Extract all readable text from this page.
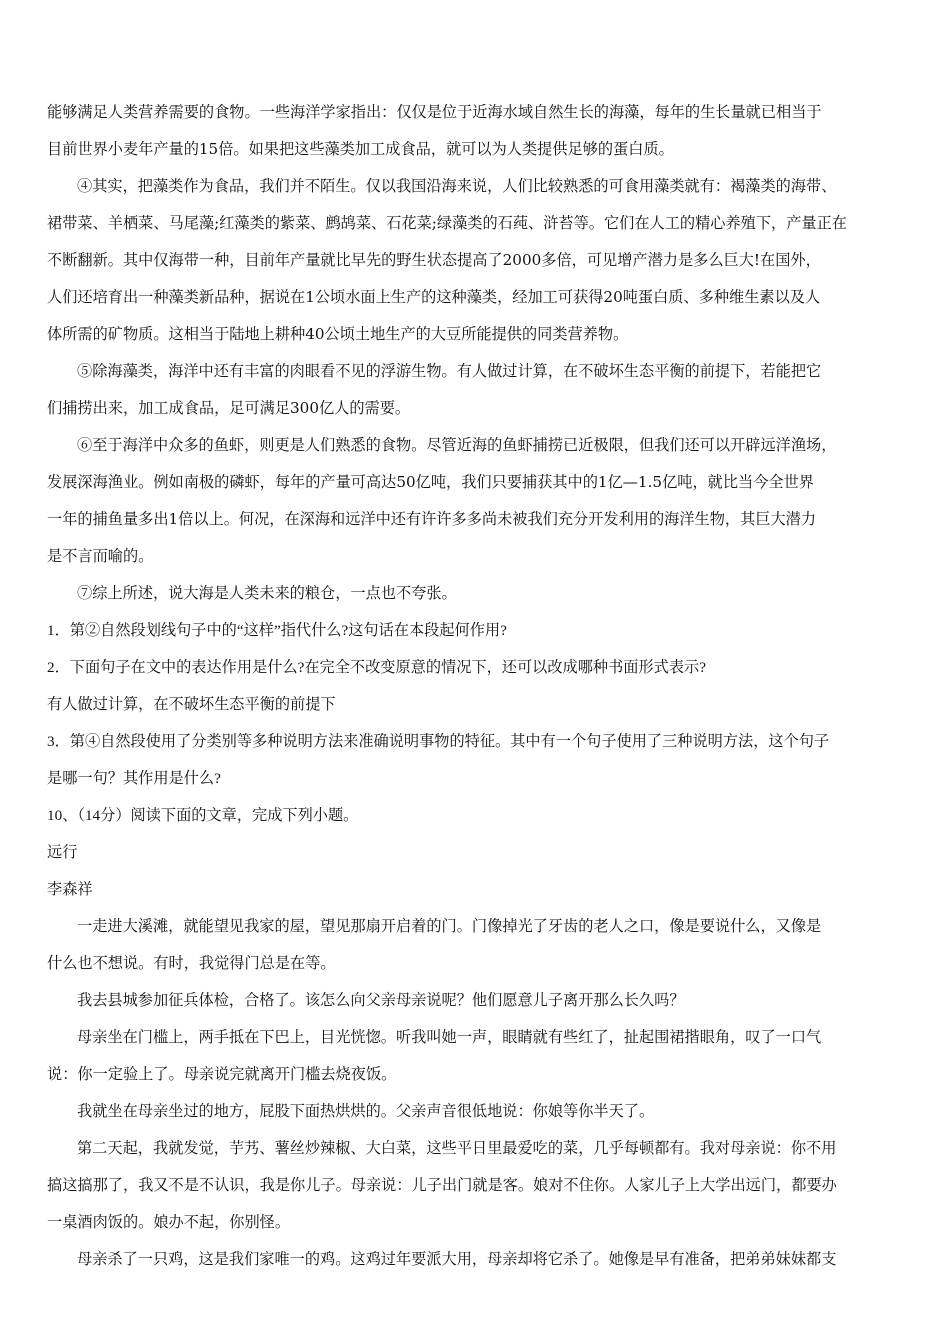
能够满足人类营养需要的食物。一些海洋学家指出：仅仅是位于近海水域自然生长的海藻，每年的生长量就已相当于
目前世界小麦年产量的15倍。如果把这些藻类加工成食品，就可以为人类提供足够的蛋白质。
④其实，把藻类作为食品，我们并不陌生。仅以我国沿海来说，人们比较熟悉的可食用藻类就有：褐藻类的海带、
裙带菜、羊栖菜、马尾藻;红藻类的紫菜、鹧鸪菜、石花菜;绿藻类的石莼、浒苔等。它们在人工的精心养殖下，产量正在
不断翻新。其中仅海带一种，目前年产量就比早先的野生状态提高了2000多倍，可见增产潜力是多么巨大!在国外，
人们还培育出一种藻类新品种，据说在1公顷水面上生产的这种藻类，经加工可获得20吨蛋白质、多种维生素以及人
体所需的矿物质。这相当于陆地上耕种40公顷土地生产的大豆所能提供的同类营养物。
⑤除海藻类，海洋中还有丰富的肉眼看不见的浮游生物。有人做过计算，在不破坏生态平衡的前提下，若能把它
们捕捞出来，加工成食品，足可满足300亿人的需要。
⑥至于海洋中众多的鱼虾，则更是人们熟悉的食物。尽管近海的鱼虾捕捞已近极限，但我们还可以开辟远洋渔场，
发展深海渔业。例如南极的磷虾，每年的产量可高达50亿吨，我们只要捕获其中的1亿—1.5亿吨，就比当今全世界
一年的捕鱼量多出1倍以上。何况，在深海和远洋中还有许许多多尚未被我们充分开发利用的海洋生物，其巨大潜力
是不言而喻的。
⑦综上所述，说大海是人类未来的粮仓，一点也不夸张。
1．第②自然段划线句子中的“这样”指代什么?这句话在本段起何作用?
2．下面句子在文中的表达作用是什么?在完全不改变原意的情况下，还可以改成哪种书面形式表示?
有人做过计算，在不破坏生态平衡的前提下
3．第④自然段使用了分类别等多种说明方法来准确说明事物的特征。其中有一个句子使用了三种说明方法，这个句子
是哪一句？其作用是什么?
10、（14分）阅读下面的文章，完成下列小题。
远行
李森祥
一走进大溪滩，就能望见我家的屋，望见那扇开启着的门。门像掉光了牙齿的老人之口，像是要说什么，又像是
什么也不想说。有时，我觉得门总是在等。
我去县城参加征兵体检，合格了。该怎么向父亲母亲说呢？他们愿意儿子离开那么长久吗？
母亲坐在门槛上，两手抵在下巴上，目光恍惚。听我叫她一声，眼睛就有些红了，扯起围裙揩眼角，叹了一口气
说：你一定验上了。母亲说完就离开门槛去烧夜饭。
我就坐在母亲坐过的地方，屁股下面热烘烘的。父亲声音很低地说：你娘等你半天了。
第二天起，我就发觉，芋艿、薯丝炒辣椒、大白菜，这些平日里最爱吃的菜，几乎每顿都有。我对母亲说：你不用
搞这搞那了，我又不是不认识，我是你儿子。母亲说：儿子出门就是客。娘对不住你。人家儿子上大学出远门，都要办
一桌酒肉饭的。娘办不起，你别怪。
母亲杀了一只鸡，这是我们家唯一的鸡。这鸡过年要派大用，母亲却将它杀了。她像是早有准备，把弟弟妹妹都支
